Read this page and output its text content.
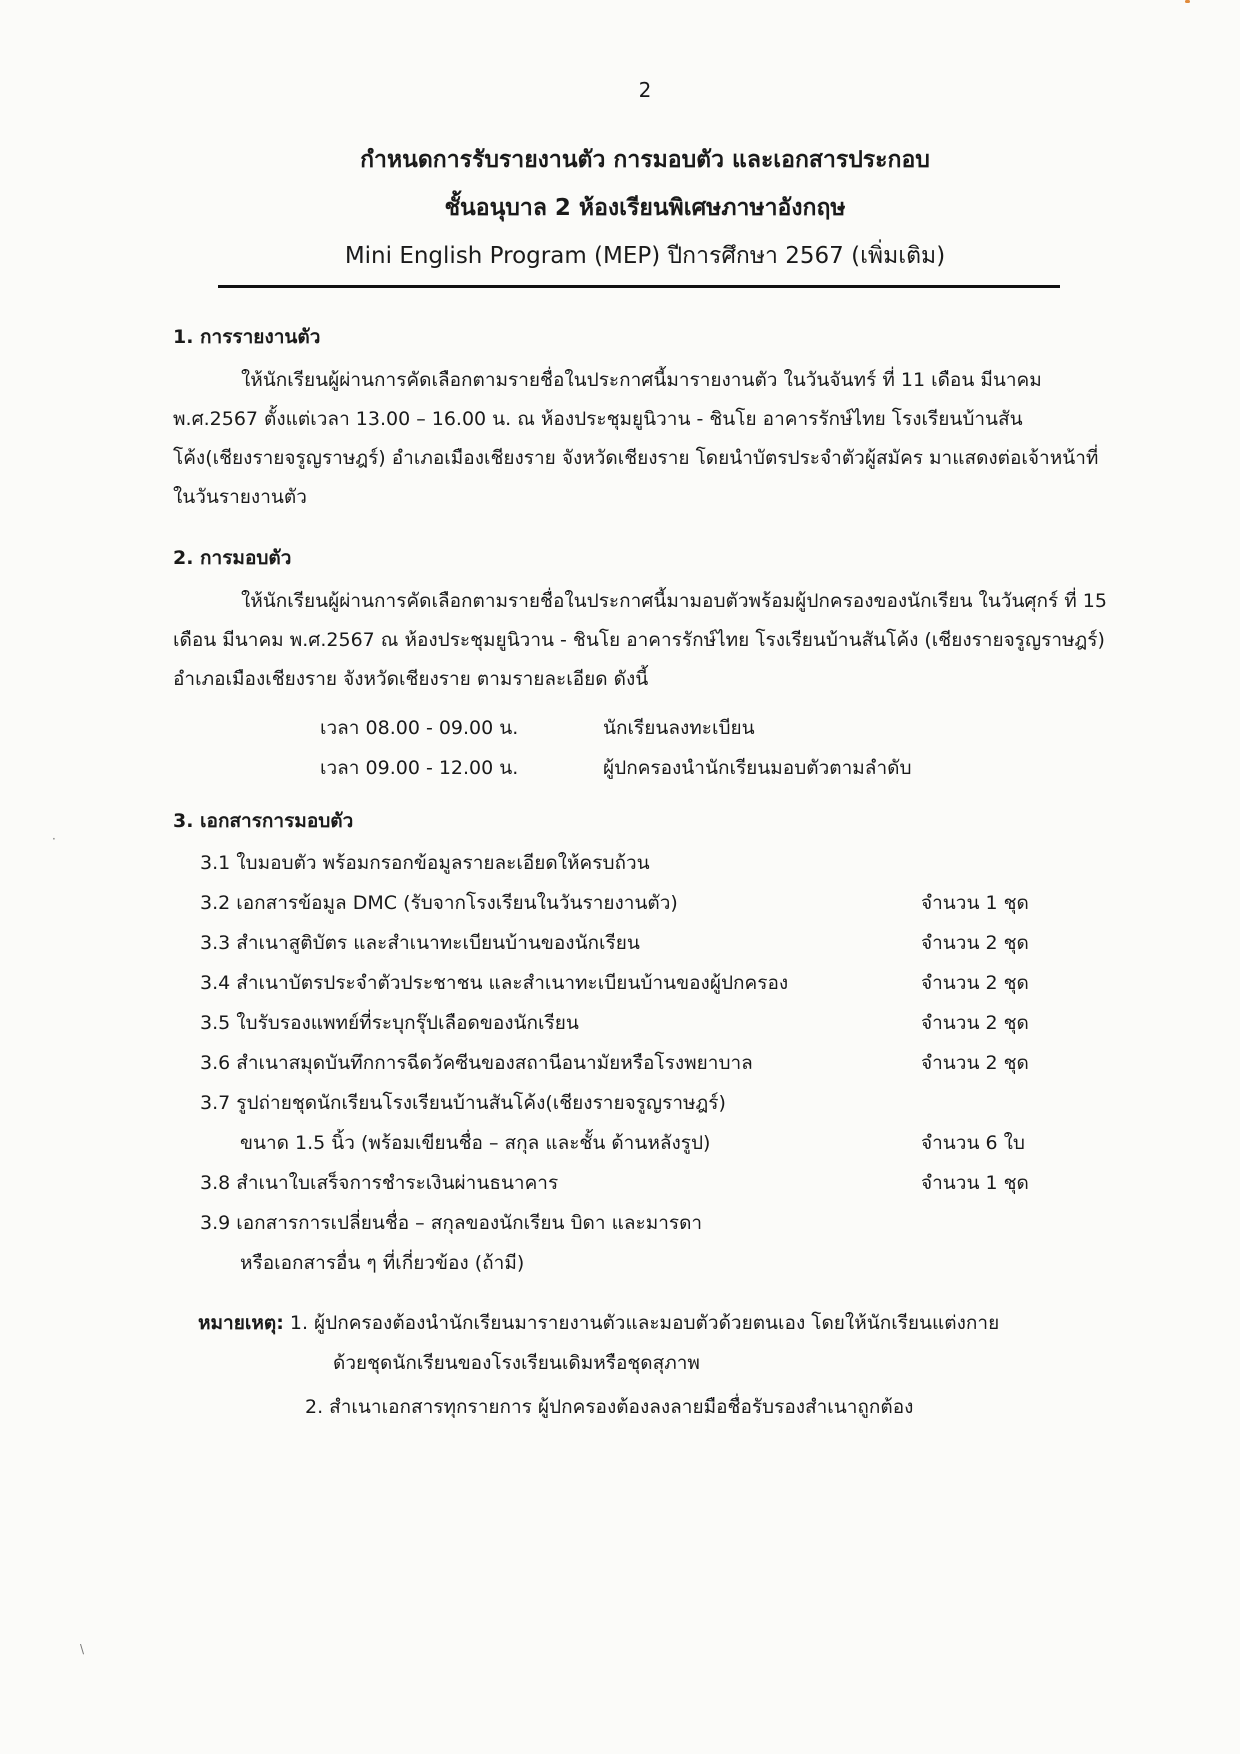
2
กำหนดการรับรายงานตัว การมอบตัว และเอกสารประกอบ
ชั้นอนุบาล 2 ห้องเรียนพิเศษภาษาอังกฤษ
Mini English Program (MEP) ปีการศึกษา 2567 (เพิ่มเติม)
1. การรายงานตัว

ให้นักเรียนผู้ผ่านการคัดเลือกตามรายชื่อในประกาศนี้มารายงานตัว ในวันจันทร์ ที่ 11 เดือน มีนาคม พ.ศ.2567 ตั้งแต่เวลา 13.00 – 16.00 น. ณ ห้องประชุมยูนิวาน - ชินโย อาคารรักษ์ไทย โรงเรียนบ้านสันโค้ง(เชียงรายจรูญราษฎร์) อำเภอเมืองเชียงราย จังหวัดเชียงราย โดยนำบัตรประจำตัวผู้สมัคร มาแสดงต่อเจ้าหน้าที่ในวันรายงานตัว

2. การมอบตัว

ให้นักเรียนผู้ผ่านการคัดเลือกตามรายชื่อในประกาศนี้มามอบตัวพร้อมผู้ปกครองของนักเรียน ในวันศุกร์ ที่ 15 เดือน มีนาคม พ.ศ.2567 ณ ห้องประชุมยูนิวาน - ชินโย อาคารรักษ์ไทย โรงเรียนบ้านสันโค้ง (เชียงรายจรูญราษฎร์) อำเภอเมืองเชียงราย จังหวัดเชียงราย ตามรายละเอียด ดังนี้

เวลา 08.00 - 09.00 น.	นักเรียนลงทะเบียน
เวลา 09.00 - 12.00 น.	ผู้ปกครองนำนักเรียนมอบตัวตามลำดับ
3. เอกสารการมอบตัว
3.1 ใบมอบตัว พร้อมกรอกข้อมูลรายละเอียดให้ครบถ้วน
3.2 เอกสารข้อมูล DMC (รับจากโรงเรียนในวันรายงานตัว)	จำนวน 1 ชุด
3.3 สำเนาสูติบัตร และสำเนาทะเบียนบ้านของนักเรียน	จำนวน 2 ชุด
3.4 สำเนาบัตรประจำตัวประชาชน และสำเนาทะเบียนบ้านของผู้ปกครอง	จำนวน 2 ชุด
3.5 ใบรับรองแพทย์ที่ระบุกรุ๊ปเลือดของนักเรียน	จำนวน 2 ชุด
3.6 สำเนาสมุดบันทึกการฉีดวัคซีนของสถานีอนามัยหรือโรงพยาบาล	จำนวน 2 ชุด
3.7 รูปถ่ายชุดนักเรียนโรงเรียนบ้านสันโค้ง(เชียงรายจรูญราษฎร์)
ขนาด 1.5 นิ้ว (พร้อมเขียนชื่อ – สกุล และชั้น ด้านหลังรูป)	จำนวน 6 ใบ
3.8 สำเนาใบเสร็จการชำระเงินผ่านธนาคาร	จำนวน 1 ชุด
3.9 เอกสารการเปลี่ยนชื่อ – สกุลของนักเรียน บิดา และมารดา
หรือเอกสารอื่น ๆ ที่เกี่ยวข้อง (ถ้ามี)
หมายเหตุ: 1. ผู้ปกครองต้องนำนักเรียนมารายงานตัวและมอบตัวด้วยตนเอง โดยให้นักเรียนแต่งกาย
ด้วยชุดนักเรียนของโรงเรียนเดิมหรือชุดสุภาพ
2. สำเนาเอกสารทุกรายการ ผู้ปกครองต้องลงลายมือชื่อรับรองสำเนาถูกต้อง
·
\
